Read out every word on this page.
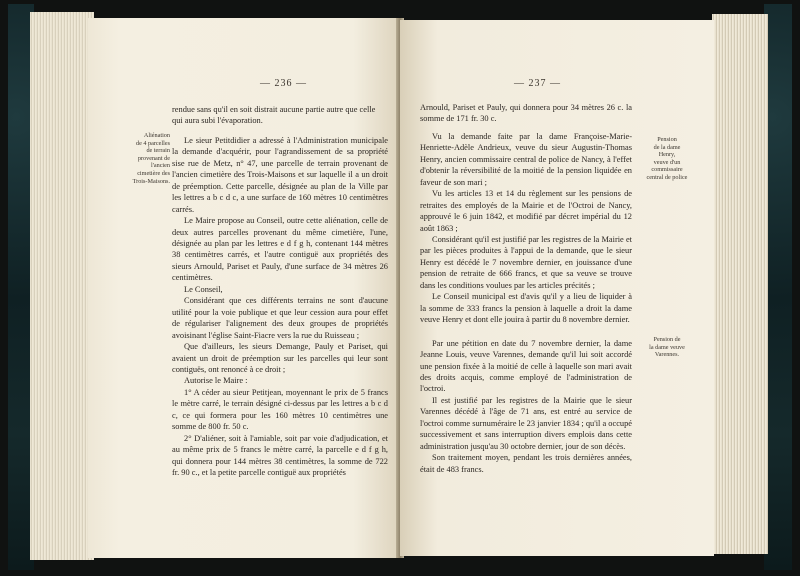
— 236 —

rendue sans qu'il en soit distrait aucune partie autre que celle

qui aura subi l'évaporation.

Le sieur Petitdidier a adressé à l'Administration municipale la demande d'acquérir, pour l'agrandissement de sa propriété sise rue de Metz, n° 47, une parcelle de terrain provenant de l'ancien cimetière des Trois-Maisons et sur laquelle il a un droit de préemption. Cette parcelle, désignée au plan de la Ville par les lettres a b c d c, a une surface de 160 mètres 10 centimètres carrés.

Le Maire propose au Conseil, outre cette aliénation, celle de deux autres parcelles provenant du même cimetière, l'une, désignée au plan par les lettres e d f g h, contenant 144 mètres 38 centimètres carrés, et l'autre contiguë aux propriétés des sieurs Arnould, Pariset et Pauly, d'une surface de 34 mètres 26 centimètres.

Le Conseil,

Considérant que ces différents terrains ne sont d'aucune utilité pour la voie publique et que leur cession aura pour effet de régulariser l'alignement des deux groupes de propriétés avoisinant l'église Saint-Fiacre vers la rue du Ruisseau ;

Que d'ailleurs, les sieurs Demange, Pauly et Pariset, qui avaient un droit de préemption sur les parcelles qui leur sont contiguës, ont renoncé à ce droit ;

Autorise le Maire :

1° A céder au sieur Petitjean, moyennant le prix de 5 francs le mètre carré, le terrain désigné ci-dessus par les lettres a b c d c, ce qui formera pour les 160 mètres 10 centimètres une somme de 800 fr. 50 c.

2° D'aliéner, soit à l'amiable, soit par voie d'adjudication, et au même prix de 5 francs le mètre carré, la parcelle e d f g h, qui donnera pour 144 mètres 38 centimètres, la somme de 722 fr. 90 c., et la petite parcelle contiguë aux propriétés

Aliénation
de 4 parcelles
de terrain
provenant de
l'ancien
cimetière des
Trois-Maisons.
— 237 —

Arnould, Pariset et Pauly, qui donnera pour 34 mètres 26 c. la somme de 171 fr. 30 c.

Vu la demande faite par la dame Françoise-Marie-Henriette-Adèle Andrieux, veuve du sieur Augustin-Thomas Henry, ancien commissaire central de police de Nancy, à l'effet d'obtenir la réversibilité de la moitié de la pension liquidée en faveur de son mari ;

Vu les articles 13 et 14 du règlement sur les pensions de retraites des employés de la Mairie et de l'Octroi de Nancy, approuvé le 6 juin 1842, et modifié par décret impérial du 12 août 1863 ;

Considérant qu'il est justifié par les registres de la Mairie et par les pièces produites à l'appui de la demande, que le sieur Henry est décédé le 7 novembre dernier, en jouissance d'une pension de retraite de 666 francs, et que sa veuve se trouve dans les conditions voulues par les articles précités ;

Le Conseil municipal est d'avis qu'il y a lieu de liquider à la somme de 333 francs la pension à laquelle a droit la dame veuve Henry et dont elle jouira à partir du 8 novembre dernier.

Par une pétition en date du 7 novembre dernier, la dame Jeanne Louis, veuve Varennes, demande qu'il lui soit accordé une pension fixée à la moitié de celle à laquelle son mari avait des droits acquis, comme employé de l'administration de l'octroi.

Il est justifié par les registres de la Mairie que le sieur Varennes décédé à l'âge de 71 ans, est entré au service de l'octroi comme surnuméraire le 23 janvier 1834 ; qu'il a occupé successivement et sans interruption divers emplois dans cette administration jusqu'au 30 octobre dernier, jour de son décès.

Son traitement moyen, pendant les trois dernières années, était de 483 francs.

Pension
de la dame
Henry,
veuve d'un
commissaire
central de police
Pension de
la dame veuve
Varennes.
